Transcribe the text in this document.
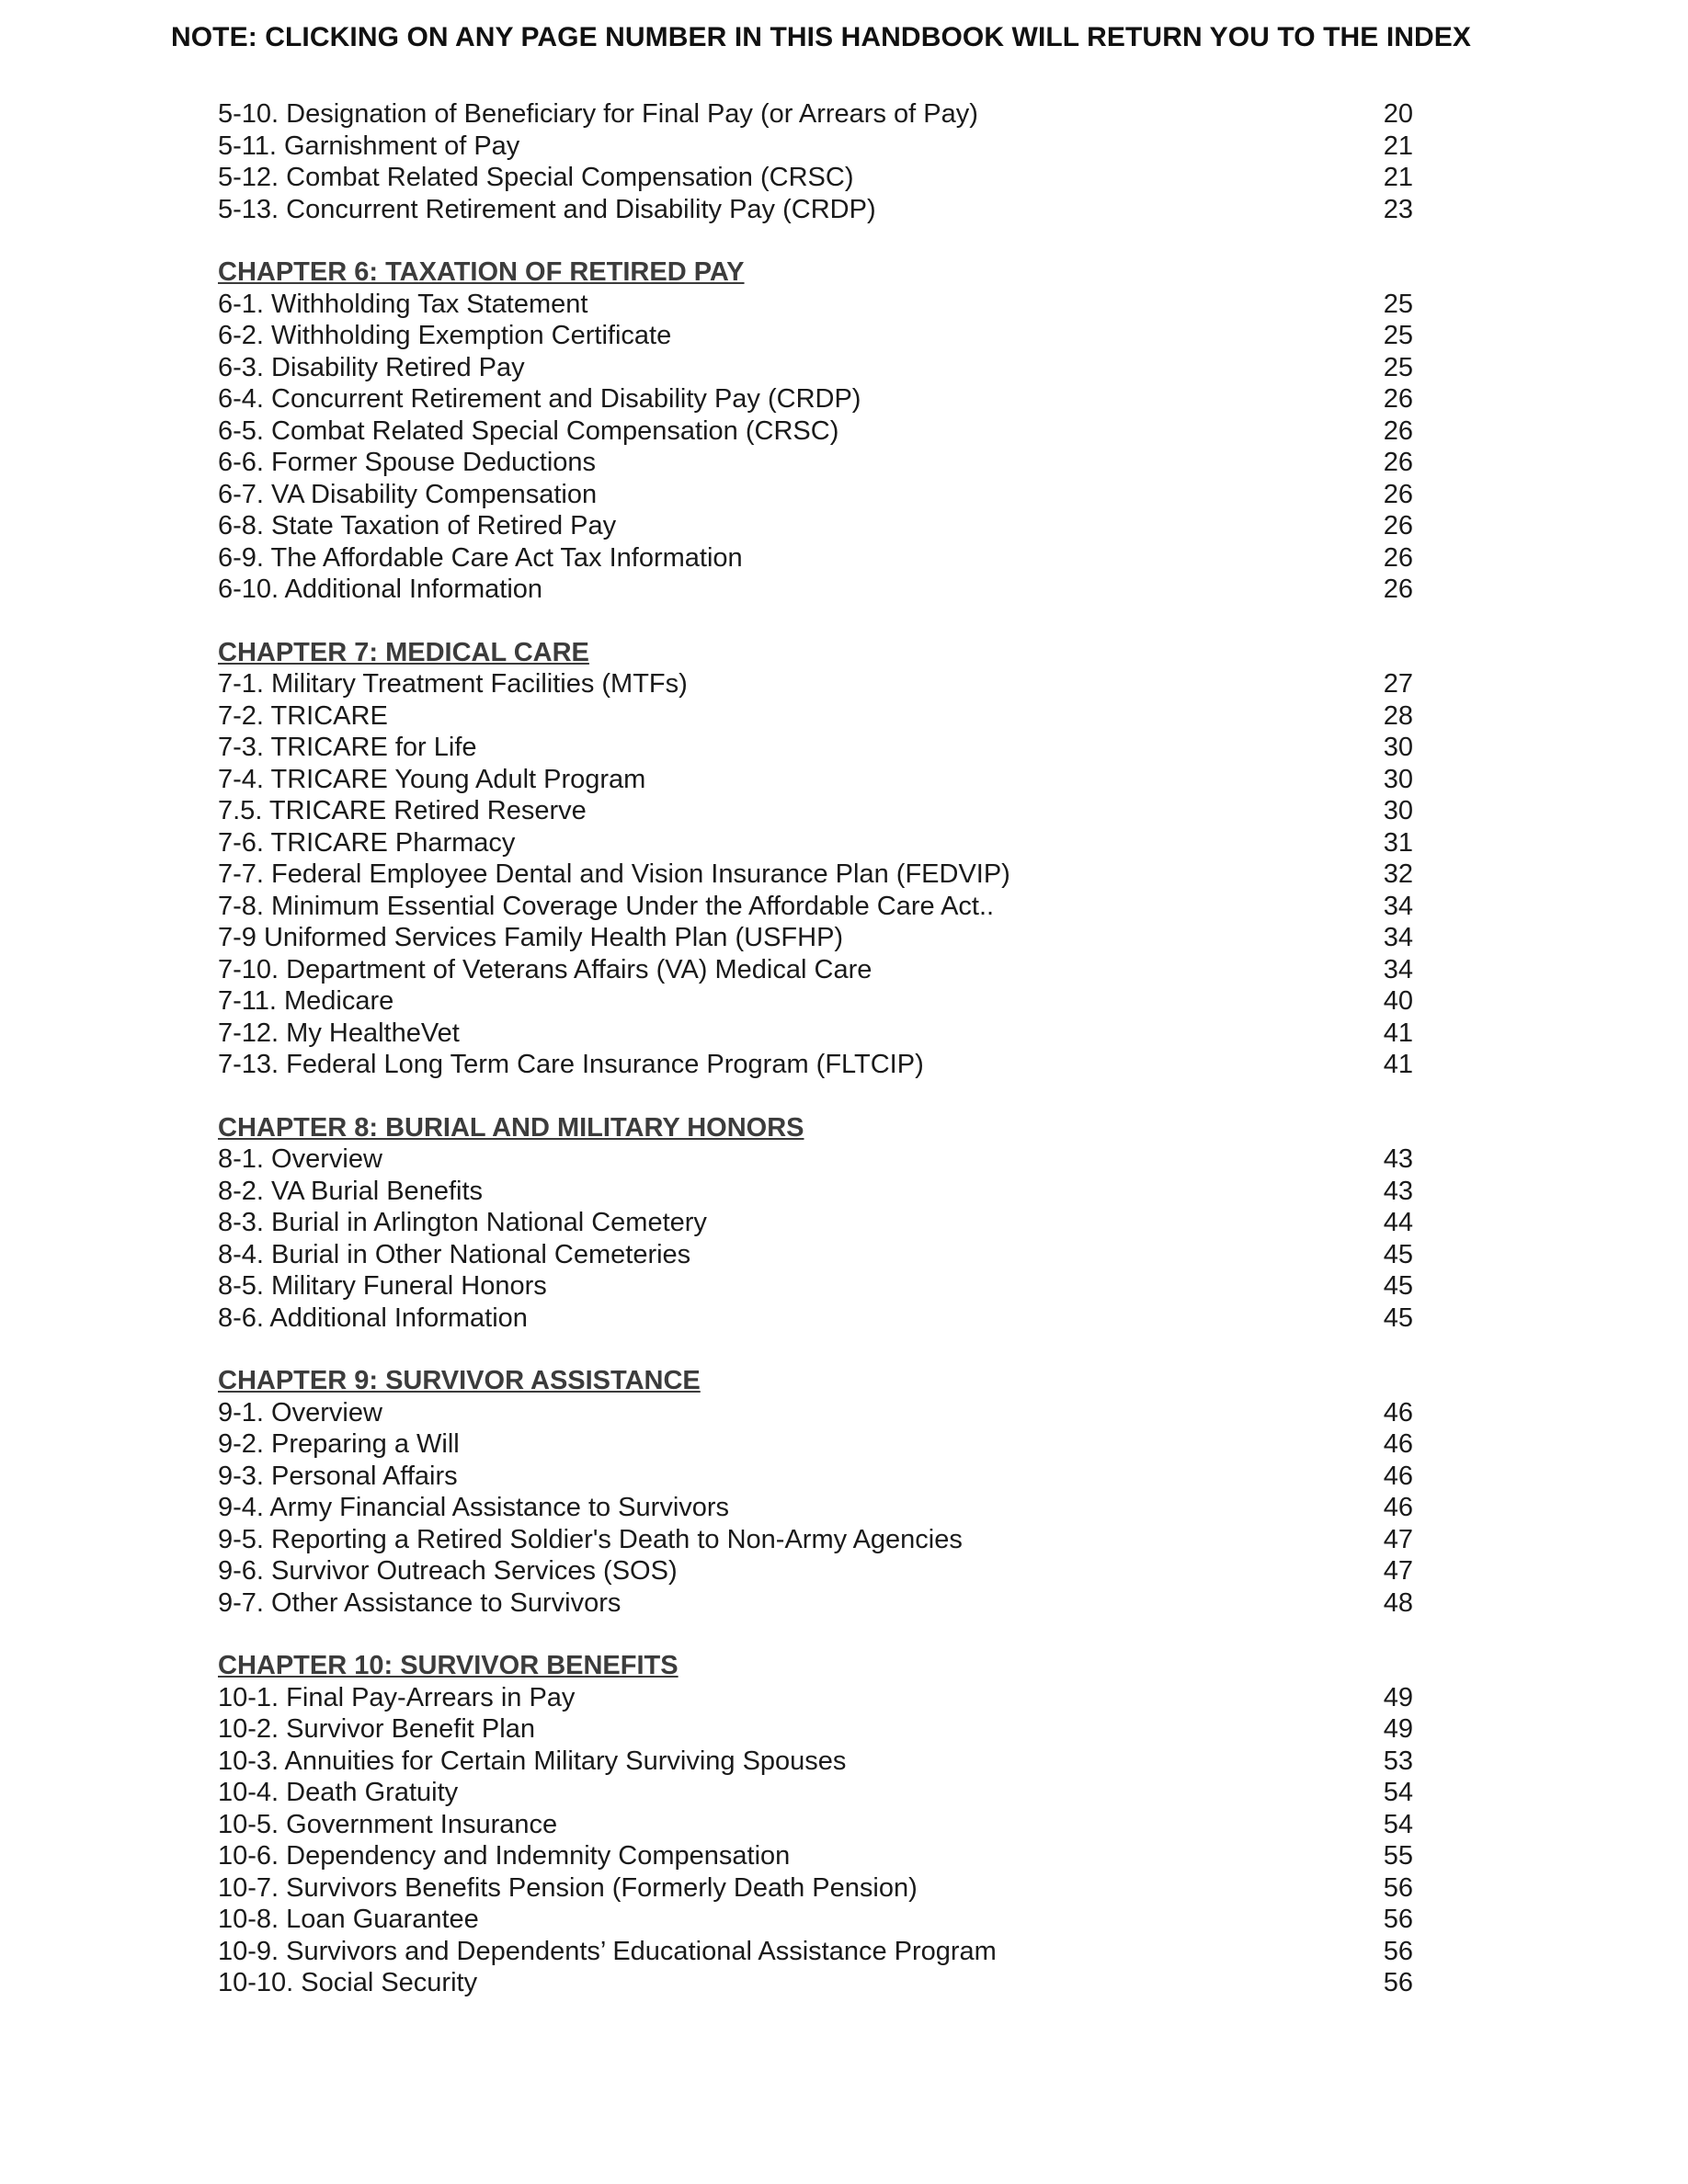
NOTE: CLICKING ON ANY PAGE NUMBER IN THIS HANDBOOK WILL RETURN YOU TO THE INDEX
5-10. Designation of Beneficiary for Final Pay (or Arrears of Pay)	20
5-11. Garnishment of Pay	21
5-12. Combat Related Special Compensation (CRSC)	21
5-13. Concurrent Retirement and Disability Pay (CRDP)	23
CHAPTER 6: TAXATION OF RETIRED PAY
6-1. Withholding Tax Statement	25
6-2. Withholding Exemption Certificate	25
6-3. Disability Retired Pay	25
6-4. Concurrent Retirement and Disability Pay (CRDP)	26
6-5. Combat Related Special Compensation (CRSC)	26
6-6. Former Spouse Deductions	26
6-7. VA Disability Compensation	26
6-8. State Taxation of Retired Pay	26
6-9. The Affordable Care Act Tax Information	26
6-10. Additional Information	26
CHAPTER 7: MEDICAL CARE
7-1. Military Treatment Facilities (MTFs)	27
7-2. TRICARE	28
7-3. TRICARE for Life	30
7-4. TRICARE Young Adult Program	30
7.5. TRICARE Retired Reserve	30
7-6. TRICARE Pharmacy	31
7-7. Federal Employee Dental and Vision Insurance Plan (FEDVIP)	32
7-8. Minimum Essential Coverage Under the Affordable Care Act..	34
7-9 Uniformed Services Family Health Plan (USFHP)	34
7-10. Department of Veterans Affairs (VA) Medical Care	34
7-11. Medicare	40
7-12. My HealtheVet	41
7-13. Federal Long Term Care Insurance Program (FLTCIP)	41
CHAPTER 8: BURIAL AND MILITARY HONORS
8-1. Overview	43
8-2. VA Burial Benefits	43
8-3. Burial in Arlington National Cemetery	44
8-4. Burial in Other National Cemeteries	45
8-5. Military Funeral Honors	45
8-6. Additional Information	45
CHAPTER 9: SURVIVOR ASSISTANCE
9-1. Overview	46
9-2. Preparing a Will	46
9-3. Personal Affairs	46
9-4. Army Financial Assistance to Survivors	46
9-5. Reporting a Retired Soldier's Death to Non-Army Agencies	47
9-6. Survivor Outreach Services (SOS)	47
9-7. Other Assistance to Survivors	48
CHAPTER 10: SURVIVOR BENEFITS
10-1. Final Pay-Arrears in Pay	49
10-2. Survivor Benefit Plan	49
10-3. Annuities for Certain Military Surviving Spouses	53
10-4. Death Gratuity	54
10-5. Government Insurance	54
10-6. Dependency and Indemnity Compensation	55
10-7. Survivors Benefits Pension (Formerly Death Pension)	56
10-8. Loan Guarantee	56
10-9. Survivors and Dependents’ Educational Assistance Program	56
10-10. Social Security	56
